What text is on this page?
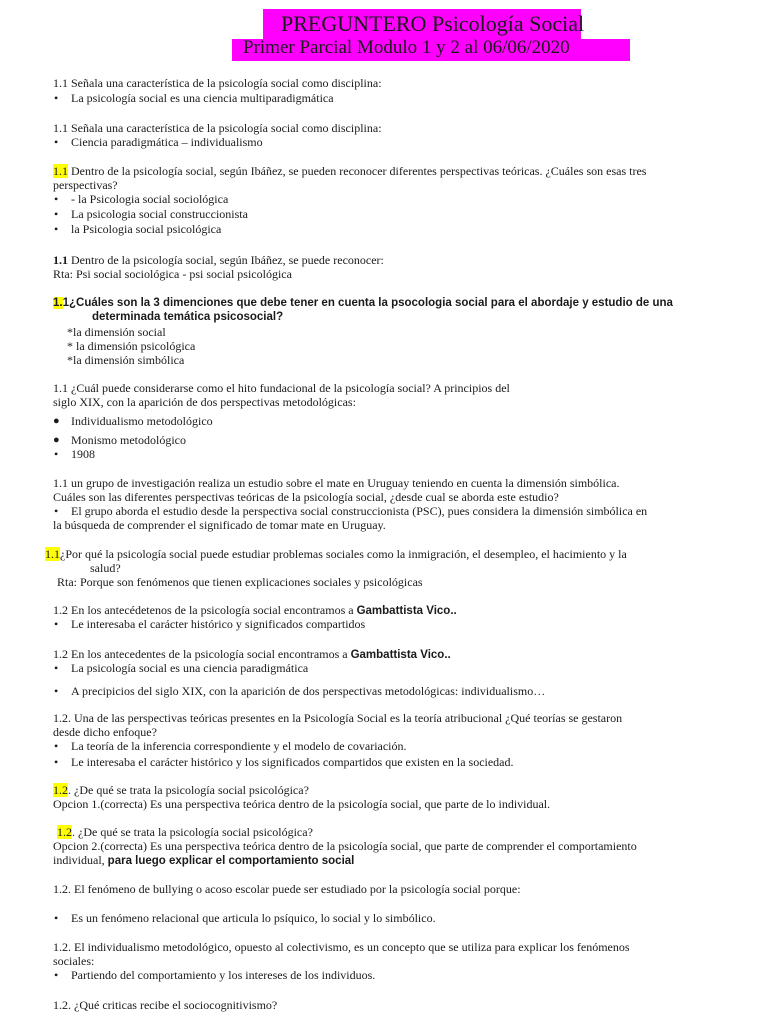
PREGUNTERO Psicología Social
Primer Parcial Modulo 1 y 2 al 06/06/2020
1.1 Señala una característica de la psicología social como disciplina:
• La psicología social es una ciencia multiparadigmática
1.1 Señala una característica de la psicología social como disciplina:
• Ciencia paradigmática – individualismo
1.1 Dentro de la psicología social, según Ibáñez, se pueden reconocer diferentes perspectivas teóricas. ¿Cuáles son esas tres
perspectivas?
• - la Psicologia social sociológica
• La psicologia social construccionista
• la Psicologia social psicológica
1.1 Dentro de la psicología social, según Ibáñez, se puede reconocer:
Rta: Psi social sociológica - psi social psicológica
1.1¿Cuáles son la 3 dimenciones que debe tener en cuenta la psocologia social para el abordaje y estudio de una
determinada temática psicosocial?
*la dimensión social
* la dimensión psicológica
*la dimensión simbólica
1.1 ¿Cuál puede considerarse como el hito fundacional de la psicología social? A principios del
siglo XIX, con la aparición de dos perspectivas metodológicas:
● Individualismo metodológico
● Monismo metodológico
• 1908
1.1 un grupo de investigación realiza un estudio sobre el mate en Uruguay teniendo en cuenta la dimensión simbólica.
Cuáles son las diferentes perspectivas teóricas de la psicología social, ¿desde cual se aborda este estudio?
• El grupo aborda el estudio desde la perspectiva social construccionista (PSC), pues considera la dimensión simbólica en
la búsqueda de comprender el significado de tomar mate en Uruguay.
1.1¿Por qué la psicología social puede estudiar problemas sociales como la inmigración, el desempleo, el hacimiento y la
salud?
Rta: Porque son fenómenos que tienen explicaciones sociales y psicológicas
1.2 En los antecédetenos de la psicología social encontramos a Gambattista Vico..
• Le interesaba el carácter histórico y significados compartidos
1.2 En los antecedentes de la psicología social encontramos a Gambattista Vico..
• La psicología social es una ciencia paradigmática
• A precipicios del siglo XIX, con la aparición de dos perspectivas metodológicas: individualismo…
1.2. Una de las perspectivas teóricas presentes en la Psicología Social es la teoría atribucional ¿Qué teorías se gestaron
desde dicho enfoque?
• La teoría de la inferencia correspondiente y el modelo de covariación.
• Le interesaba el carácter histórico y los significados compartidos que existen en la sociedad.
1.2. ¿De qué se trata la psicología social psicológica?
Opcion 1.(correcta) Es una perspectiva teórica dentro de la psicología social, que parte de lo individual.
1.2. ¿De qué se trata la psicología social psicológica?
Opcion 2.(correcta) Es una perspectiva teórica dentro de la psicología social, que parte de comprender el comportamiento
individual, para luego explicar el comportamiento social
1.2. El fenómeno de bullying o acoso escolar puede ser estudiado por la psicología social porque:
• Es un fenómeno relacional que articula lo psíquico, lo social y lo simbólico.
1.2. El individualismo metodológico, opuesto al colectivismo, es un concepto que se utiliza para explicar los fenómenos
sociales:
• Partiendo del comportamiento y los intereses de los individuos.
1.2. ¿Qué criticas recibe el sociocognitivismo?
